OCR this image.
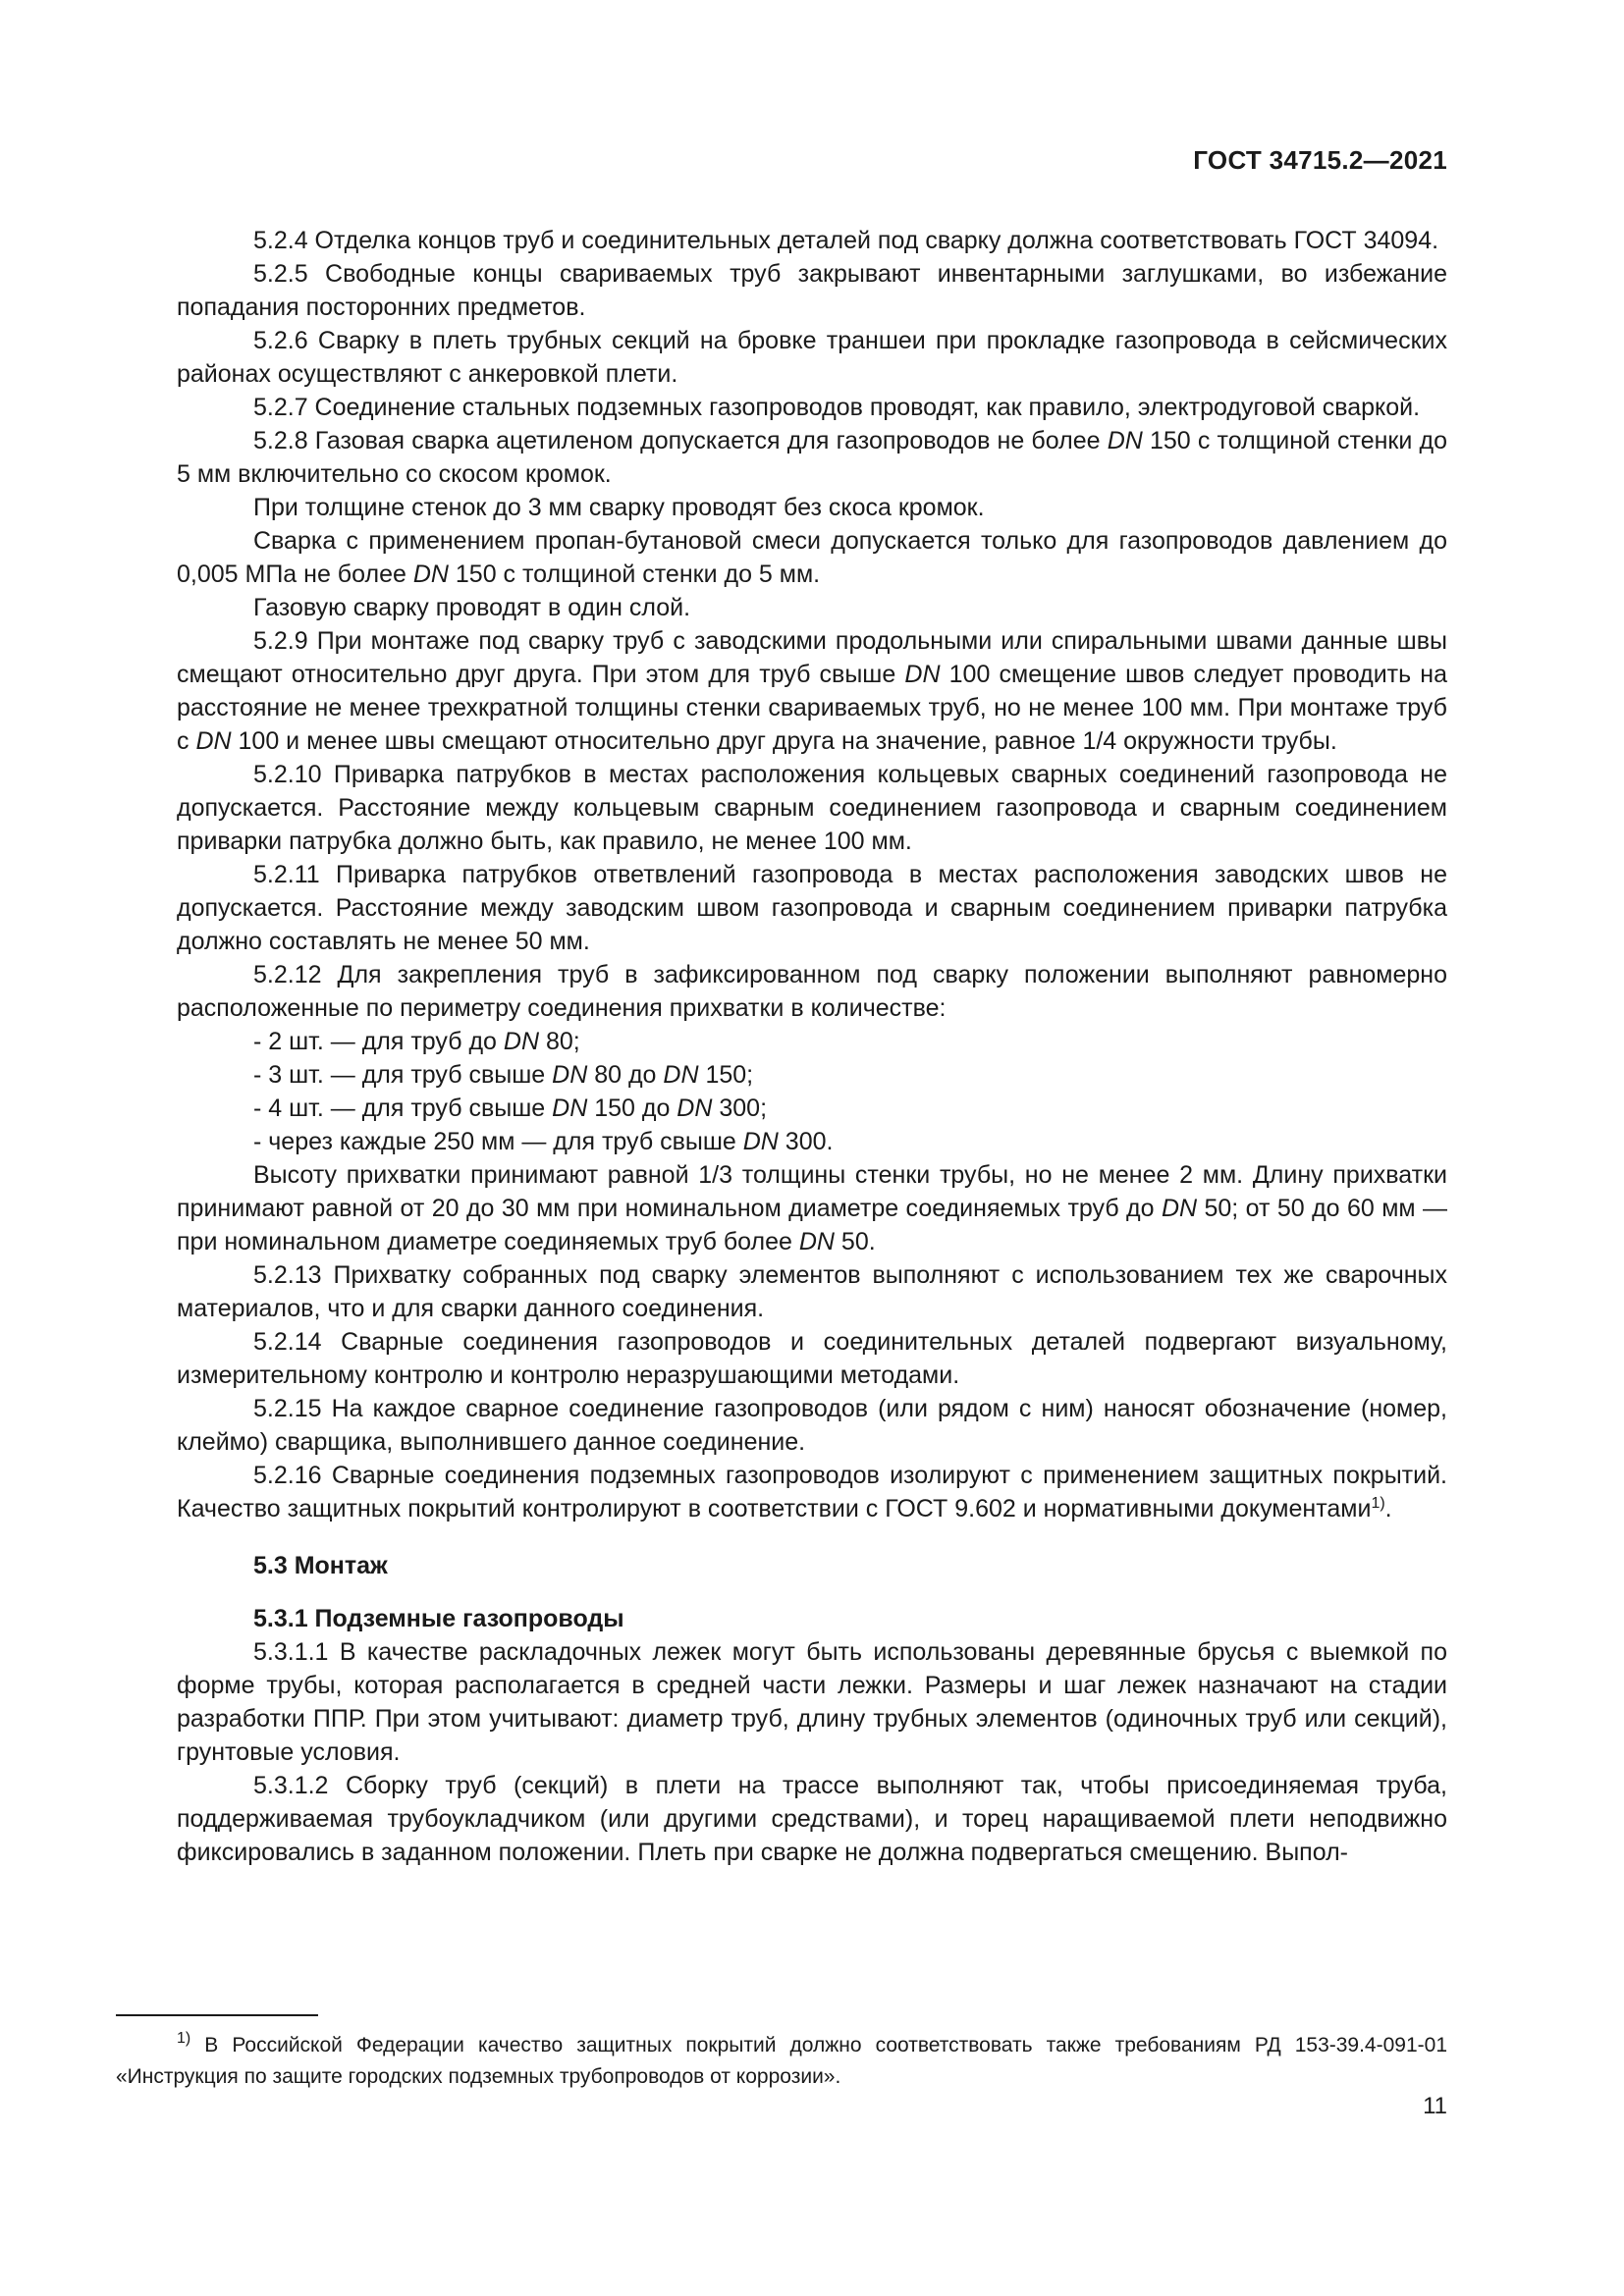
ГОСТ 34715.2—2021

5.2.4 Отделка концов труб и соединительных деталей под сварку должна соответствовать ГОСТ 34094.

5.2.5 Свободные концы свариваемых труб закрывают инвентарными заглушками, во избежание попадания посторонних предметов.

5.2.6 Сварку в плеть трубных секций на бровке траншеи при прокладке газопровода в сейсмических районах осуществляют с анкеровкой плети.

5.2.7 Соединение стальных подземных газопроводов проводят, как правило, электродуговой сваркой.

5.2.8 Газовая сварка ацетиленом допускается для газопроводов не более DN 150 с толщиной стенки до 5 мм включительно со скосом кромок.

При толщине стенок до 3 мм сварку проводят без скоса кромок.

Сварка с применением пропан-бутановой смеси допускается только для газопроводов давлением до 0,005 МПа не более DN 150 с толщиной стенки до 5 мм.

Газовую сварку проводят в один слой.

5.2.9 При монтаже под сварку труб с заводскими продольными или спиральными швами данные швы смещают относительно друг друга. При этом для труб свыше DN 100 смещение швов следует проводить на расстояние не менее трехкратной толщины стенки свариваемых труб, но не менее 100 мм. При монтаже труб с DN 100 и менее швы смещают относительно друг друга на значение, равное 1/4 окружности трубы.

5.2.10 Приварка патрубков в местах расположения кольцевых сварных соединений газопровода не допускается. Расстояние между кольцевым сварным соединением газопровода и сварным соединением приварки патрубка должно быть, как правило, не менее 100 мм.

5.2.11 Приварка патрубков ответвлений газопровода в местах расположения заводских швов не допускается. Расстояние между заводским швом газопровода и сварным соединением приварки патрубка должно составлять не менее 50 мм.

5.2.12 Для закрепления труб в зафиксированном под сварку положении выполняют равномерно расположенные по периметру соединения прихватки в количестве:

- 2 шт. — для труб до DN 80;

- 3 шт. — для труб свыше DN 80 до DN 150;

- 4 шт. — для труб свыше DN 150 до DN 300;

- через каждые 250 мм — для труб свыше DN 300.

Высоту прихватки принимают равной 1/3 толщины стенки трубы, но не менее 2 мм. Длину прихватки принимают равной от 20 до 30 мм при номинальном диаметре соединяемых труб до DN 50; от 50 до 60 мм — при номинальном диаметре соединяемых труб более DN 50.

5.2.13 Прихватку собранных под сварку элементов выполняют с использованием тех же сварочных материалов, что и для сварки данного соединения.

5.2.14 Сварные соединения газопроводов и соединительных деталей подвергают визуальному, измерительному контролю и контролю неразрушающими методами.

5.2.15 На каждое сварное соединение газопроводов (или рядом с ним) наносят обозначение (номер, клеймо) сварщика, выполнившего данное соединение.

5.2.16 Сварные соединения подземных газопроводов изолируют с применением защитных покрытий. Качество защитных покрытий контролируют в соответствии с ГОСТ 9.602 и нормативными документами$^{1)}$.

5.3 Монтаж
5.3.1 Подземные газопроводы

5.3.1.1 В качестве раскладочных лежек могут быть использованы деревянные брусья с выемкой по форме трубы, которая располагается в средней части лежки. Размеры и шаг лежек назначают на стадии разработки ППР. При этом учитывают: диаметр труб, длину трубных элементов (одиночных труб или секций), грунтовые условия.

5.3.1.2 Сборку труб (секций) в плети на трассе выполняют так, чтобы присоединяемая труба, поддерживаемая трубоукладчиком (или другими средствами), и торец наращиваемой плети неподвижно фиксировались в заданном положении. Плеть при сварке не должна подвергаться смещению. Выпол-

$^{1)}$ В Российской Федерации качество защитных покрытий должно соответствовать также требованиям РД 153-39.4-091-01 «Инструкция по защите городских подземных трубопроводов от коррозии».

11
